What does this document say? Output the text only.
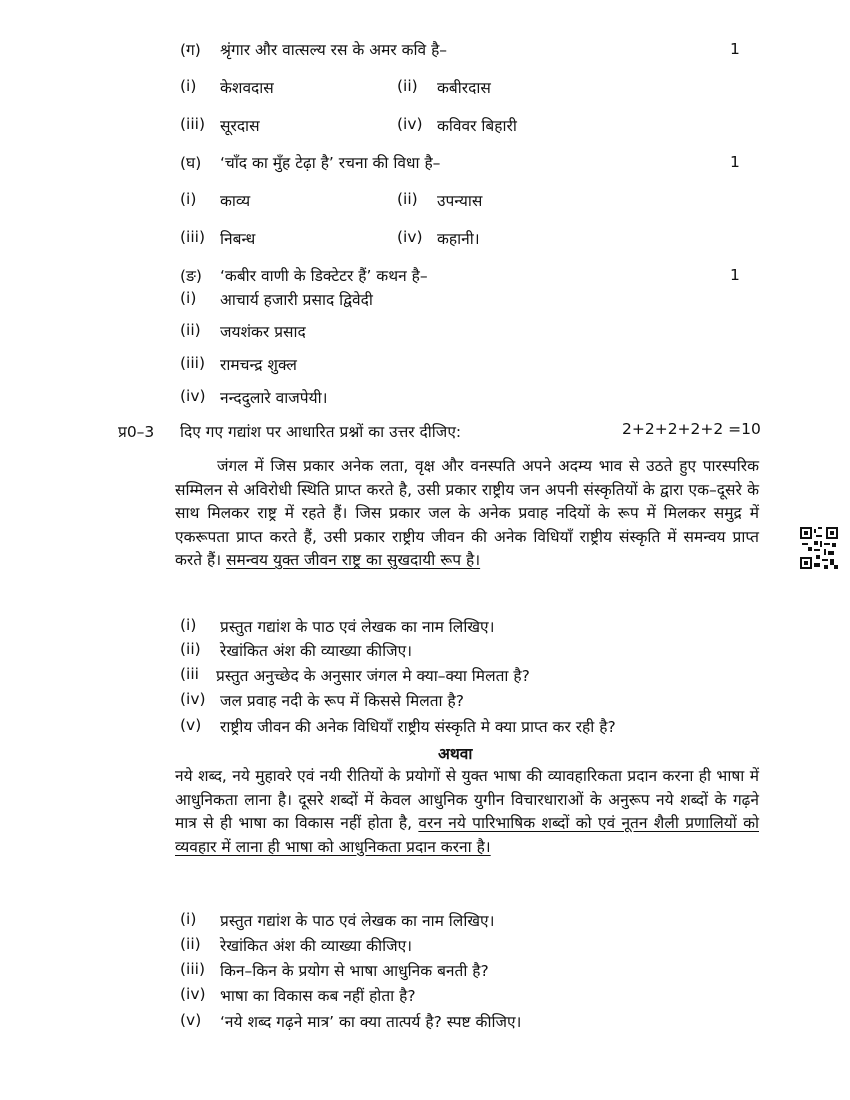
(ग) श्रृंगार और वात्सल्य रस के अमर कवि है–	1
(i) केशवदास	(ii) कबीरदास
(iii) सूरदास	(iv) कविवर बिहारी
(घ) ‘चाँद का मुँह टेढ़ा है’ रचना की विधा है–	1
(i) काव्य	(ii) उपन्यास
(iii) निबन्ध	(iv) कहानी।
(ङ) ‘कबीर वाणी के डिक्टेटर हैं’ कथन है–	1
(i) आचार्य हजारी प्रसाद द्विवेदी
(ii) जयशंकर प्रसाद
(iii) रामचन्द्र शुक्ल
(iv) नन्ददुलारे वाजपेयी।
प्र0–3 दिए गए गद्यांश पर आधारित प्रश्नों का उत्तर दीजिए:	2+2+2+2+2 =10
जंगल में जिस प्रकार अनेक लता, वृक्ष और वनस्पति अपने अदम्य भाव से उठते हुए पारस्परिक सम्मिलन से अविरोधी स्थिति प्राप्त करते है, उसी प्रकार राष्ट्रीय जन अपनी संस्कृतियों के द्वारा एक–दूसरे के साथ मिलकर राष्ट्र में रहते हैं। जिस प्रकार जल के अनेक प्रवाह नदियों के रूप में मिलकर समुद्र में एकरूपता प्राप्त करते हैं, उसी प्रकार राष्ट्रीय जीवन की अनेक विधियाँ राष्ट्रीय संस्कृति में समन्वय प्राप्त करते हैं। समन्वय युक्त जीवन राष्ट्र का सुखदायी रूप है।
(i) प्रस्तुत गद्यांश के पाठ एवं लेखक का नाम लिखिए।
(ii) रेखांकित अंश की व्याख्या कीजिए।
(iii प्रस्तुत अनुच्छेद के अनुसार जंगल मे क्या–क्या मिलता है?
(iv) जल प्रवाह नदी के रूप में किससे मिलता है?
(v) राष्ट्रीय जीवन की अनेक विधियाँ राष्ट्रीय संस्कृति मे क्या प्राप्त कर रही है?
अथवा
नये शब्द, नये मुहावरे एवं नयी रीतियों के प्रयोगों से युक्त भाषा की व्यावहारिकता प्रदान करना ही भाषा में आधुनिकता लाना है। दूसरे शब्दों में केवल आधुनिक युगीन विचारधाराओं के अनुरूप नये शब्दों के गढ़ने मात्र से ही भाषा का विकास नहीं होता है, वरन नये पारिभाषिक शब्दों को एवं नूतन शैली प्रणालियों को व्यवहार में लाना ही भाषा को आधुनिकता प्रदान करना है।
(i) प्रस्तुत गद्यांश के पाठ एवं लेखक का नाम लिखिए।
(ii) रेखांकित अंश की व्याख्या कीजिए।
(iii) किन–किन के प्रयोग से भाषा आधुनिक बनती है?
(iv) भाषा का विकास कब नहीं होता है?
(v) ‘नये शब्द गढ़ने मात्र’ का क्या तात्पर्य है? स्पष्ट कीजिए।
